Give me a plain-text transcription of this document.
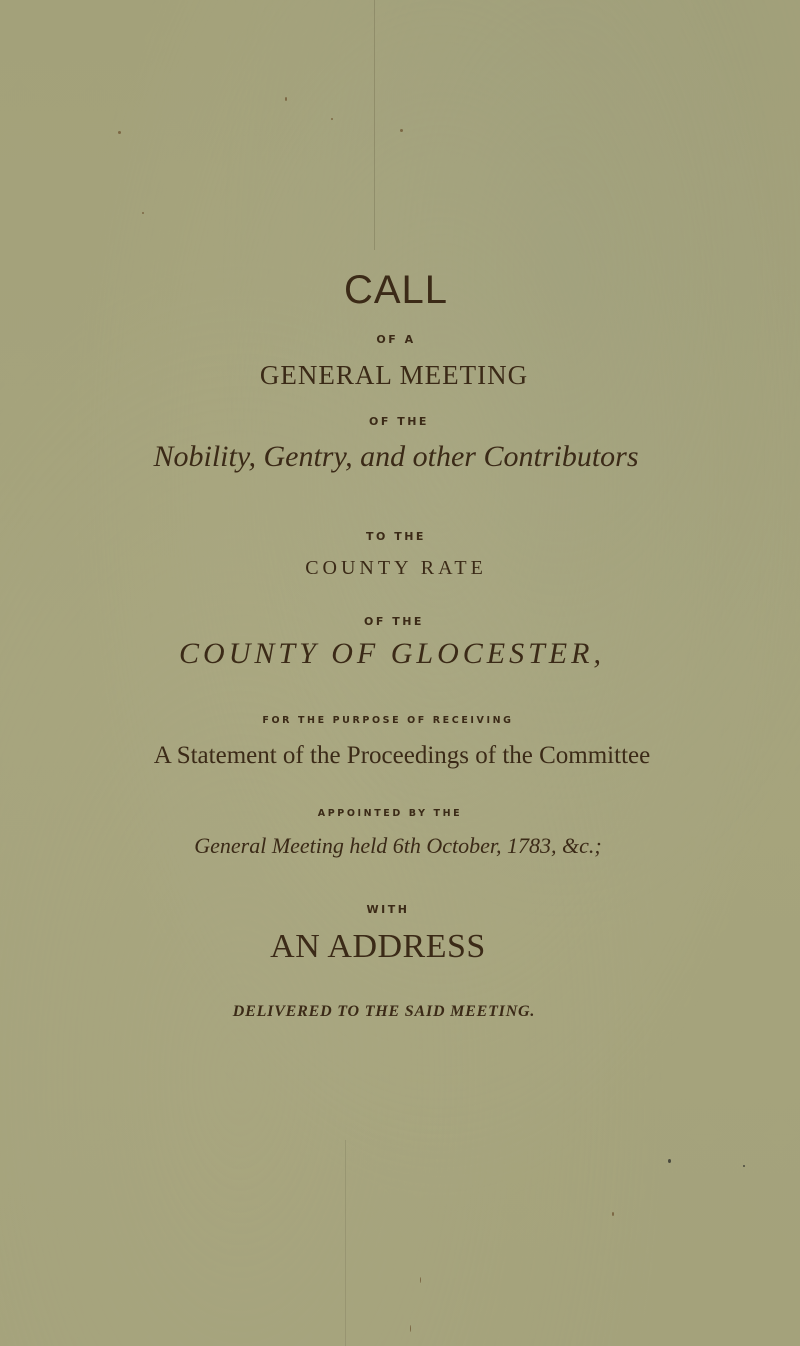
CALL
OF A
GENERAL MEETING
OF THE
Nobility, Gentry, and other Contributors
TO THE
COUNTY RATE
OF THE
COUNTY OF GLOCESTER,
FOR THE PURPOSE OF RECEIVING
A Statement of the Proceedings of the Committee
APPOINTED BY THE
General Meeting held 6th October, 1783, &c.;
WITH
AN ADDRESS
DELIVERED TO THE SAID MEETING.
